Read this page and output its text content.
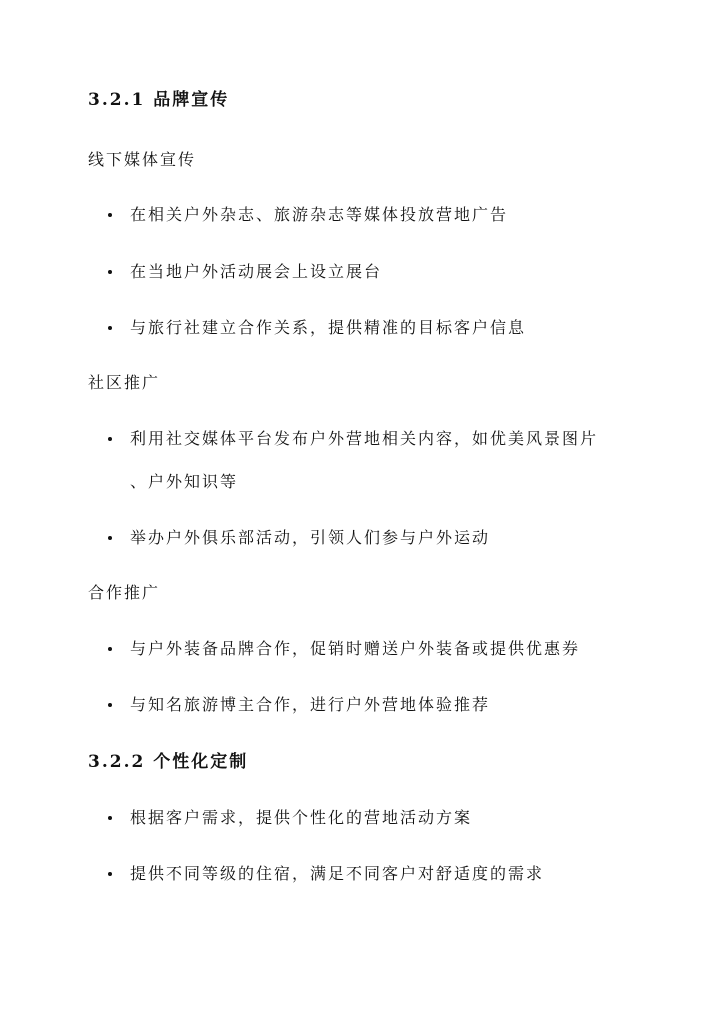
3.2.1 品牌宣传
线下媒体宣传
在相关户外杂志、旅游杂志等媒体投放营地广告
在当地户外活动展会上设立展台
与旅行社建立合作关系，提供精准的目标客户信息
社区推广
利用社交媒体平台发布户外营地相关内容，如优美风景图片
、户外知识等
举办户外俱乐部活动，引领人们参与户外运动
合作推广
与户外装备品牌合作，促销时赠送户外装备或提供优惠券
与知名旅游博主合作，进行户外营地体验推荐
3.2.2 个性化定制
根据客户需求，提供个性化的营地活动方案
提供不同等级的住宿，满足不同客户对舒适度的需求
